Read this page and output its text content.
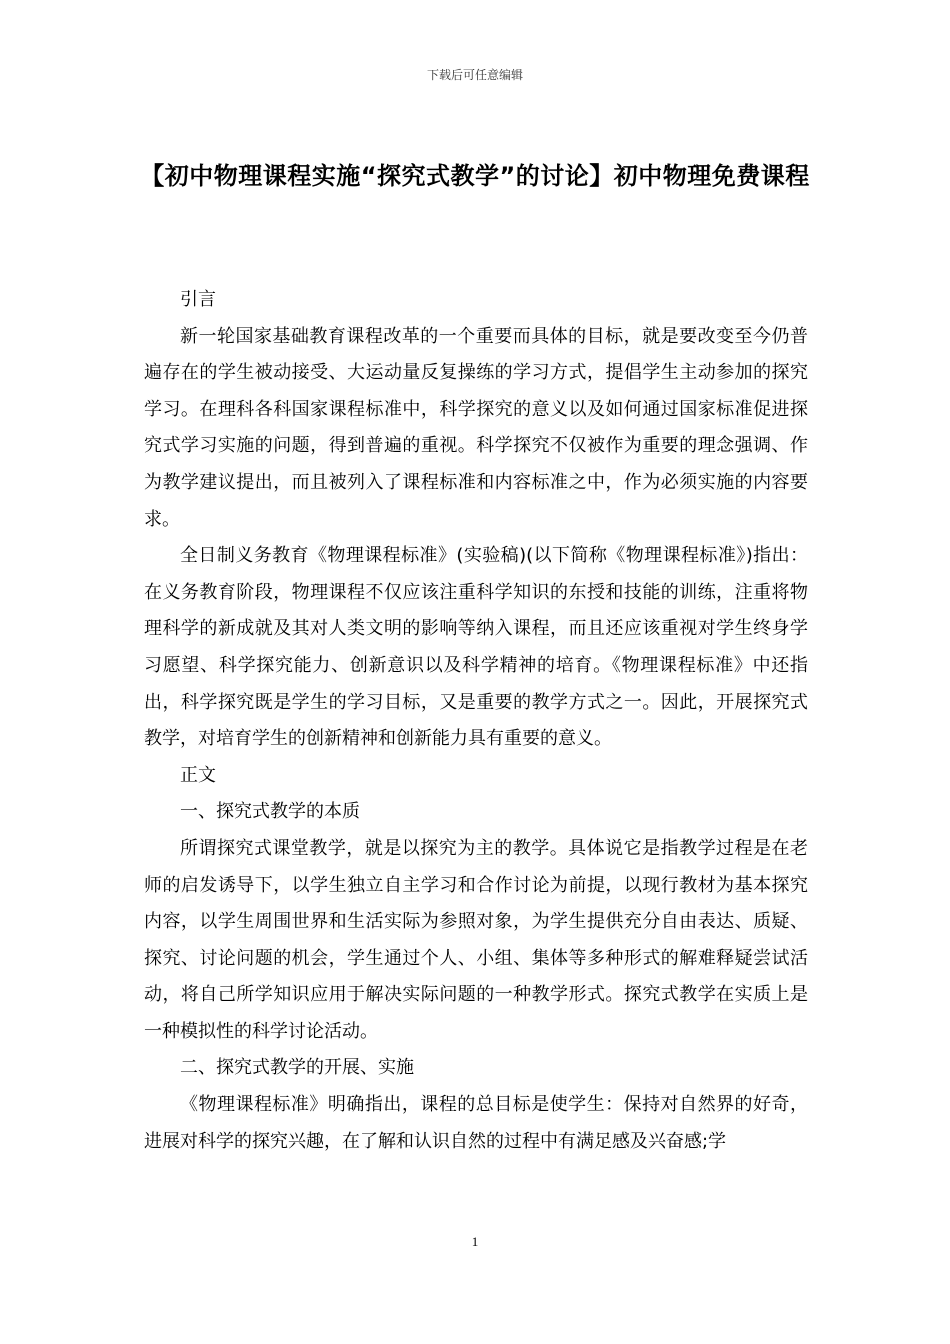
下载后可任意编辑
【初中物理课程实施“探究式教学”的讨论】初中物理免费课程

引言

新一轮国家基础教育课程改革的一个重要而具体的目标，就是要改变至今仍普遍存在的学生被动接受、大运动量反复操练的学习方式，提倡学生主动参加的探究学习。在理科各科国家课程标准中，科学探究的意义以及如何通过国家标准促进探究式学习实施的问题，得到普遍的重视。科学探究不仅被作为重要的理念强调、作为教学建议提出，而且被列入了课程标准和内容标准之中，作为必须实施的内容要求。

全日制义务教育《物理课程标准》(实验稿)(以下简称《物理课程标准》)指出：在义务教育阶段，物理课程不仅应该注重科学知识的东授和技能的训练，注重将物理科学的新成就及其对人类文明的影响等纳入课程，而且还应该重视对学生终身学习愿望、科学探究能力、创新意识以及科学精神的培育。《物理课程标准》中还指出，科学探究既是学生的学习目标，又是重要的教学方式之一。因此，开展探究式教学，对培育学生的创新精神和创新能力具有重要的意义。

正文

一、探究式教学的本质

所谓探究式课堂教学，就是以探究为主的教学。具体说它是指教学过程是在老师的启发诱导下，以学生独立自主学习和合作讨论为前提，以现行教材为基本探究内容，以学生周围世界和生活实际为参照对象，为学生提供充分自由表达、质疑、探究、讨论问题的机会，学生通过个人、小组、集体等多种形式的解难释疑尝试活动，将自己所学知识应用于解决实际问题的一种教学形式。探究式教学在实质上是一种模拟性的科学讨论活动。

二、探究式教学的开展、实施

《物理课程标准》明确指出，课程的总目标是使学生：保持对自然界的好奇，进展对科学的探究兴趣，在了解和认识自然的过程中有满足感及兴奋感;学

1
